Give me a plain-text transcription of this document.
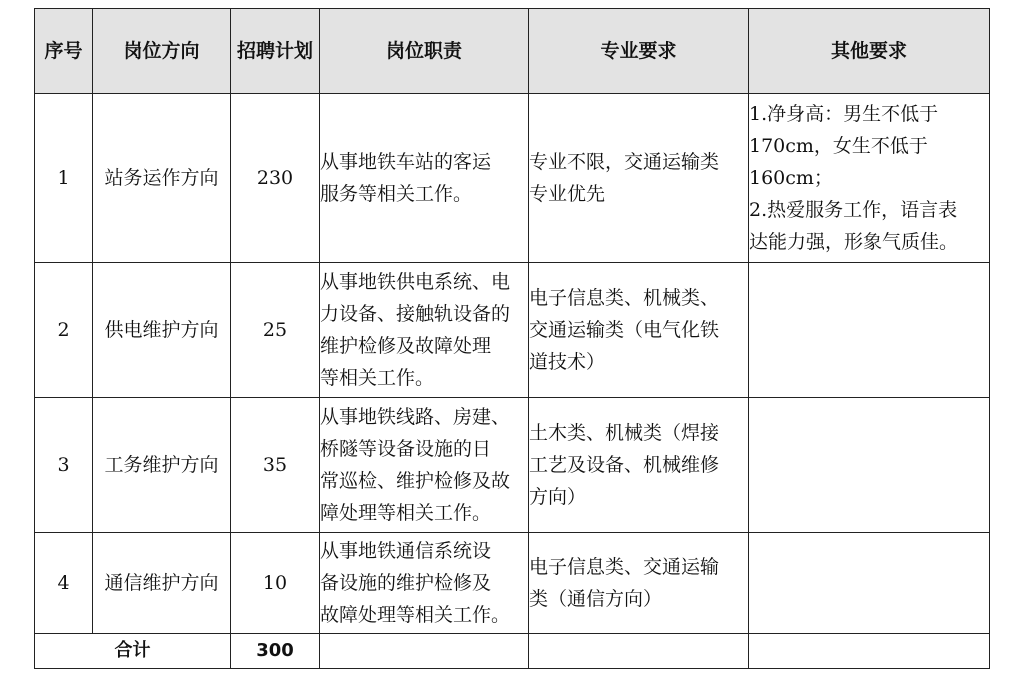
序号	岗位方向	招聘计划	岗位职责	专业要求	其他要求
1	站务运作方向	230	从事地铁车站的客运
服务等相关工作。	专业不限，交通运输类
专业优先	1.净身高：男生不低于
170cm，女生不低于
160cm；
2.热爱服务工作，语言表
达能力强，形象气质佳。

2	供电维护方向	25	从事地铁供电系统、电
力设备、接触轨设备的
维护检修及故障处理
等相关工作。	电子信息类、机械类、
交通运输类（电气化铁
道技术）	

3	工务维护方向	35	从事地铁线路、房建、
桥隧等设备设施的日
常巡检、维护检修及故
障处理等相关工作。	土木类、机械类（焊接
工艺及设备、机械维修
方向）	

4	通信维护方向	10	从事地铁通信系统设
备设施的维护检修及
故障处理等相关工作。	电子信息类、交通运输
类（通信方向）	

合计		300			
